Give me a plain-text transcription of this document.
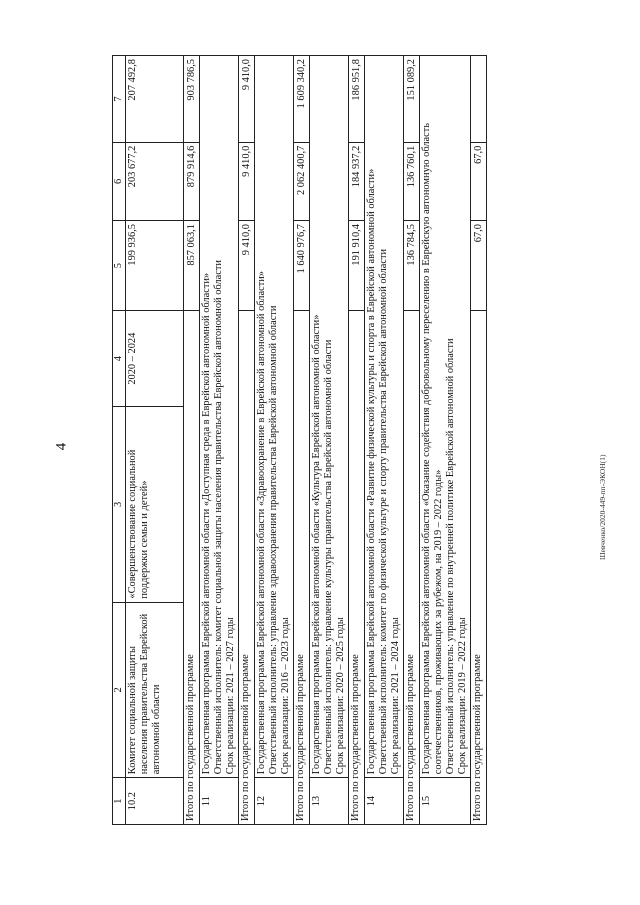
4
Шевченко/2020-449-пп-ЭКОН(1)
1	2	3	4	5	6	7
10.2	Комитет социальной защиты населения правительства Еврейской автономной области	«Совершенствование социальной поддержки семьи и детей»	2020 – 2024	199 936,5	203 677,2	207 492,8
Итого по государственной программе				857 063,1	879 914,6	903 786,5
11	Государственная программа Еврейской автономной области «Доступная среда в Еврейской автономной области» Ответственный исполнитель: комитет социальной защиты населения правительства Еврейской автономной области Срок реализации: 2021 – 2027 годы					

Итого по государственной программе				9 410,0	9 410,0	9 410,0
12	Государственная программа Еврейской автономной области «Здравоохранение в Еврейской автономной области» Ответственный исполнитель: управление здравоохранения правительства Еврейской автономной области Срок реализации: 2016 – 2023 годы					

Итого по государственной программе				1 640 976,7	2 062 400,7	1 609 340,2
13	Государственная программа Еврейской автономной области «Культура Еврейской автономной области» Ответственный исполнитель: управление культуры правительства Еврейской автономной области Срок реализации: 2020 – 2025 годы					

Итого по государственной программе				191 910,4	184 937,2	186 951,8
14	Государственная программа Еврейской автономной области «Развитие физической культуры и спорта в Еврейской автономной области» Ответственный исполнитель: комитет по физической культуре и спорту правительства Еврейской автономной области Срок реализации: 2021 – 2024 годы					

Итого по государственной программе				136 784,5	136 760,1	151 089,2
15	Государственная программа Еврейской автономной области «Оказание содействия добровольному переселению в Еврейскую автономную область соотечественников, проживающих за рубежом, на 2019 – 2022 годы» Ответственный исполнитель: управление по внутренней политике Еврейской автономной области Срок реализации: 2019 – 2022 годы					

Итого по государственной программе				67,0	67,0	
